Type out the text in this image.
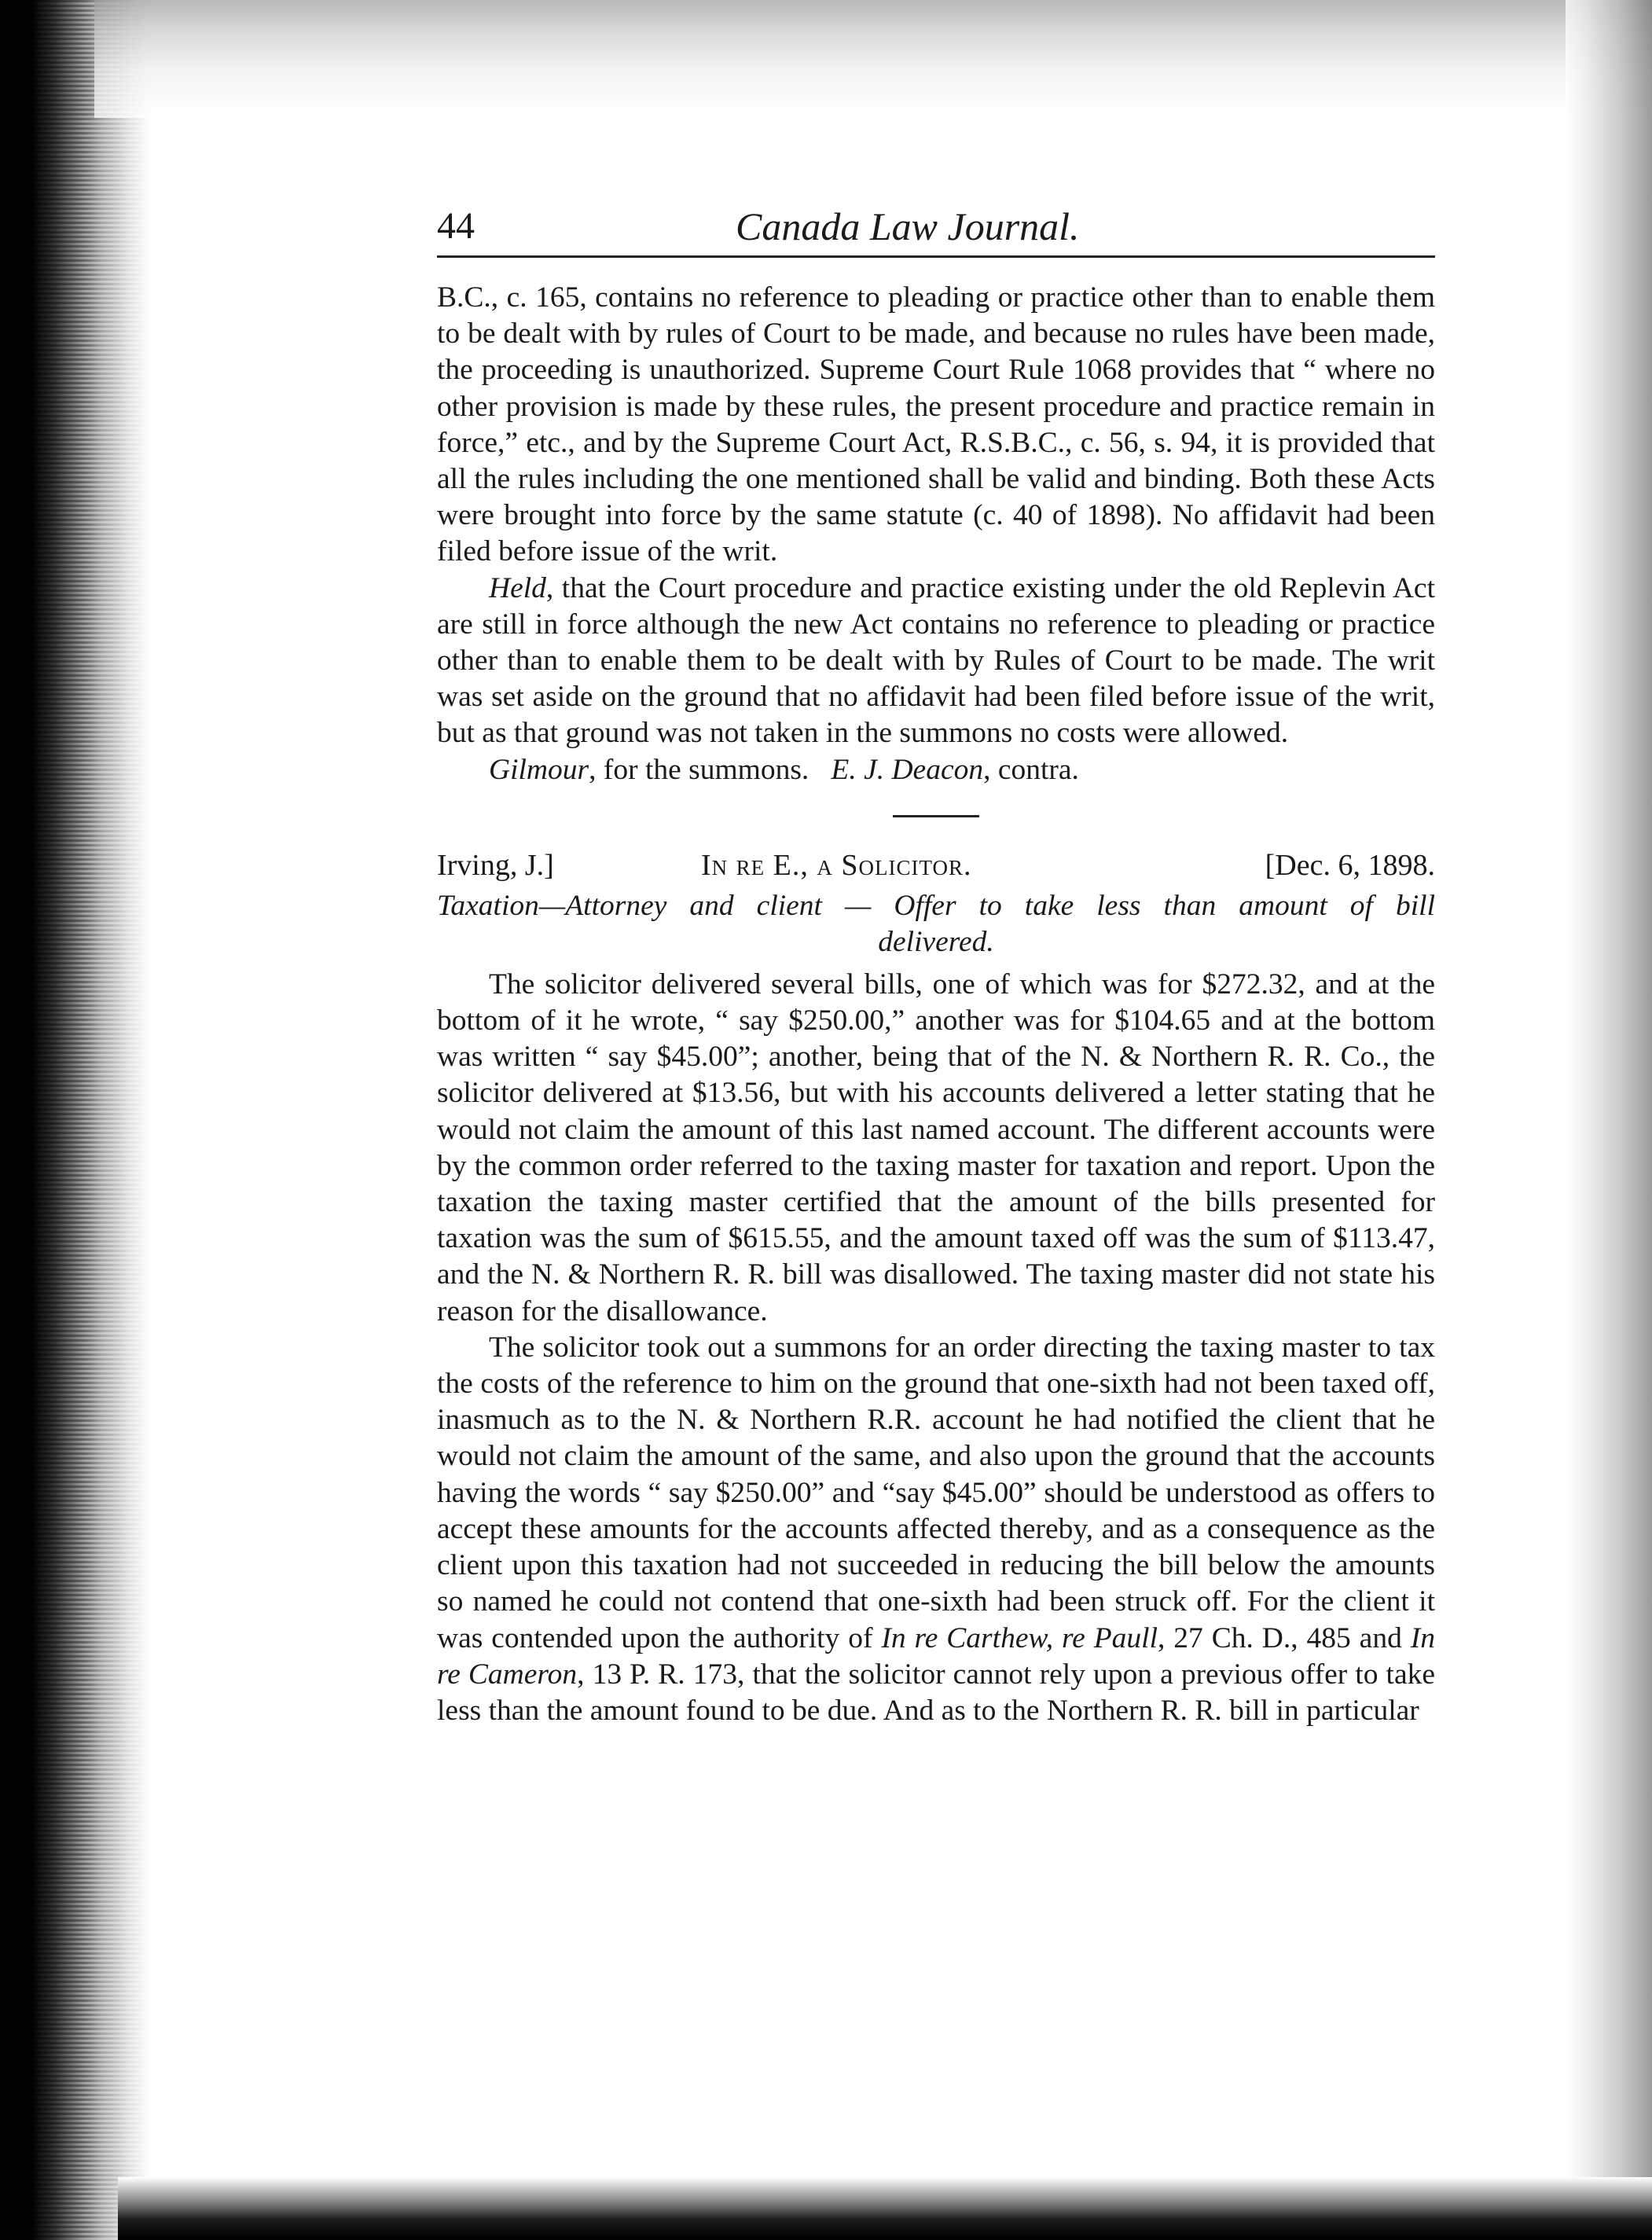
44	Canada Law Journal.

B.C., c. 165, contains no reference to pleading or practice other than to enable them to be dealt with by rules of Court to be made, and because no rules have been made, the proceeding is unauthorized. Supreme Court Rule 1068 provides that “ where no other provision is made by these rules, the present procedure and practice remain in force,” etc., and by the Supreme Court Act, R.S.B.C., c. 56, s. 94, it is provided that all the rules including the one mentioned shall be valid and binding. Both these Acts were brought into force by the same statute (c. 40 of 1898). No affidavit had been filed before issue of the writ.

Held, that the Court procedure and practice existing under the old Replevin Act are still in force although the new Act contains no reference to pleading or practice other than to enable them to be dealt with by Rules of Court to be made. The writ was set aside on the ground that no affidavit had been filed before issue of the writ, but as that ground was not taken in the summons no costs were allowed.

Gilmour, for the summons. E. J. Deacon, contra.

Irving, J.]	In re E., a Solicitor.	[Dec. 6, 1898.
Taxation—Attorney and client — Offer to take less than amount of bill
delivered.

The solicitor delivered several bills, one of which was for $272.32, and at the bottom of it he wrote, “ say $250.00,” another was for $104.65 and at the bottom was written “ say $45.00”; another, being that of the N. & Northern R. R. Co., the solicitor delivered at $13.56, but with his accounts delivered a letter stating that he would not claim the amount of this last named account. The different accounts were by the common order referred to the taxing master for taxation and report. Upon the taxation the taxing master certified that the amount of the bills presented for taxation was the sum of $615.55, and the amount taxed off was the sum of $113.47, and the N. & Northern R. R. bill was disallowed. The taxing master did not state his reason for the disallowance.

The solicitor took out a summons for an order directing the taxing master to tax the costs of the reference to him on the ground that one-sixth had not been taxed off, inasmuch as to the N. & Northern R.R. account he had notified the client that he would not claim the amount of the same, and also upon the ground that the accounts having the words “ say $250.00” and “say $45.00” should be understood as offers to accept these amounts for the accounts affected thereby, and as a consequence as the client upon this taxation had not succeeded in reducing the bill below the amounts so named he could not contend that one-sixth had been struck off. For the client it was contended upon the authority of In re Carthew, re Paull, 27 Ch. D., 485 and In re Cameron, 13 P. R. 173, that the solicitor cannot rely upon a previous offer to take less than the amount found to be due. And as to the Northern R. R. bill in particular
